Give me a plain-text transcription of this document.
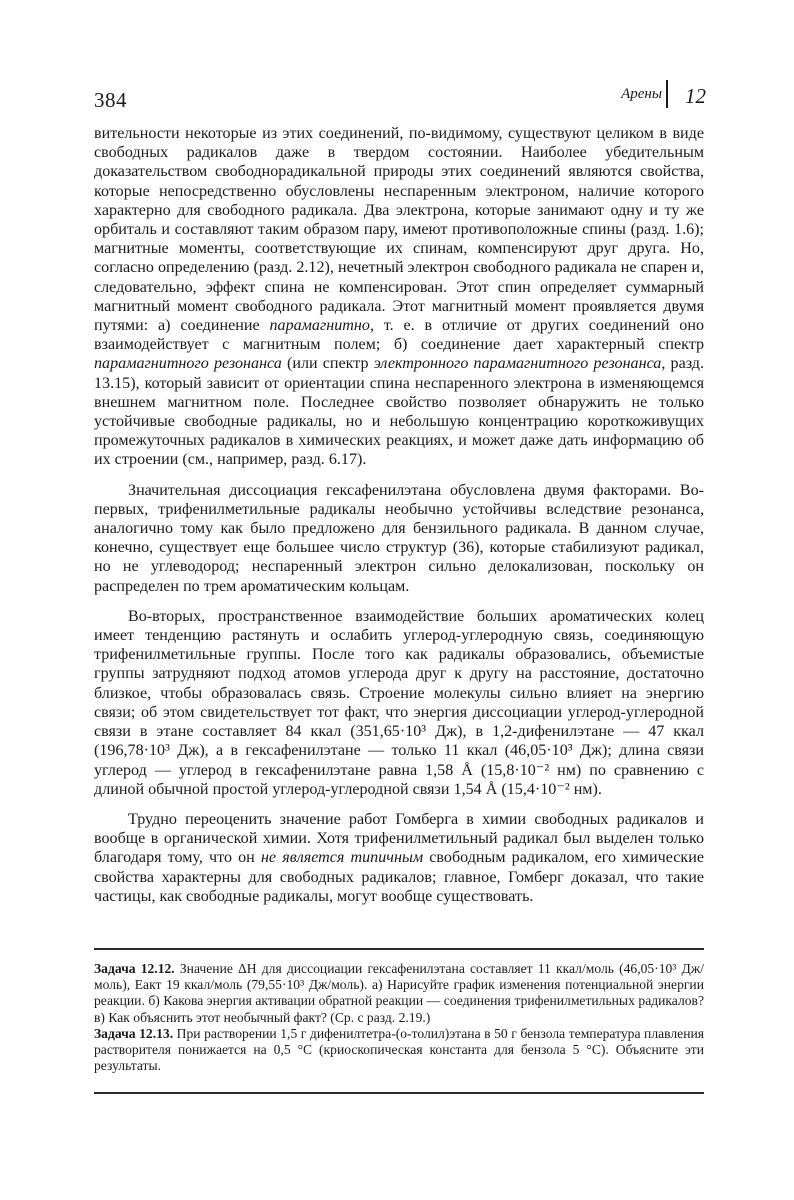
384	Арены 12

вительности некоторые из этих соединений, по-видимому, существуют целиком в виде свободных радикалов даже в твердом состоянии. Наиболее убедительным доказательством свободнорадикальной природы этих соединений являются свойства, которые непосредственно обусловлены неспаренным электроном, наличие которого характерно для свободного радикала. Два электрона, которые занимают одну и ту же орбиталь и составляют таким образом пару, имеют противоположные спины (разд. 1.6); магнитные моменты, соответствующие их спинам, компенсируют друг друга. Но, согласно определению (разд. 2.12), нечетный электрон свободного радикала не спарен и, следовательно, эффект спина не компенсирован. Этот спин определяет суммарный магнитный момент свободного радикала. Этот магнитный момент проявляется двумя путями: а) соединение парамагнитно, т. е. в отличие от других соединений оно взаимодействует с магнитным полем; б) соединение дает характерный спектр парамагнитного резонанса (или спектр электронного парамагнитного резонанса, разд. 13.15), который зависит от ориентации спина неспаренного электрона в изменяющемся внешнем магнитном поле. Последнее свойство позволяет обнаружить не только устойчивые свободные радикалы, но и небольшую концентрацию короткоживущих промежуточных радикалов в химических реакциях, и может даже дать информацию об их строении (см., например, разд. 6.17).

Значительная диссоциация гексафенилэтана обусловлена двумя факторами. Во-первых, трифенилметильные радикалы необычно устойчивы вследствие резонанса, аналогично тому как было предложено для бензильного радикала. В данном случае, конечно, существует еще большее число структур (36), которые стабилизуют радикал, но не углеводород; неспаренный электрон сильно делокализован, поскольку он распределен по трем ароматическим кольцам.

Во-вторых, пространственное взаимодействие больших ароматических колец имеет тенденцию растянуть и ослабить углерод-углеродную связь, соединяющую трифенилметильные группы. После того как радикалы образовались, объемистые группы затрудняют подход атомов углерода друг к другу на расстояние, достаточно близкое, чтобы образовалась связь. Строение молекулы сильно влияет на энергию связи; об этом свидетельствует тот факт, что энергия диссоциации углерод-углеродной связи в этане составляет 84 ккал (351,65·10³ Дж), в 1,2-дифенилэтане — 47 ккал (196,78·10³ Дж), а в гексафенилэтане — только 11 ккал (46,05·10³ Дж); длина связи углерод — углерод в гексафенилэтане равна 1,58 Å (15,8·10⁻² нм) по сравнению с длиной обычной простой углерод-углеродной связи 1,54 Å (15,4·10⁻² нм).

Трудно переоценить значение работ Гомберга в химии свободных радикалов и вообще в органической химии. Хотя трифенилметильный радикал был выделен только благодаря тому, что он не является типичным свободным радикалом, его химические свойства характерны для свободных радикалов; главное, Гомберг доказал, что такие частицы, как свободные радикалы, могут вообще существовать.

Задача 12.12. Значение ΔH для диссоциации гексафенилэтана составляет 11 ккал/моль (46,05·10³ Дж/моль), Eакт 19 ккал/моль (79,55·10³ Дж/моль). а) Нарисуйте график изменения потенциальной энергии реакции. б) Какова энергия активации обратной реакции — соединения трифенилметильных радикалов? в) Как объяснить этот необычный факт? (Ср. с разд. 2.19.)

Задача 12.13. При растворении 1,5 г дифенилтетра-(о-толил)этана в 50 г бензола температура плавления растворителя понижается на 0,5 °С (криоскопическая константа для бензола 5 °С). Объясните эти результаты.
